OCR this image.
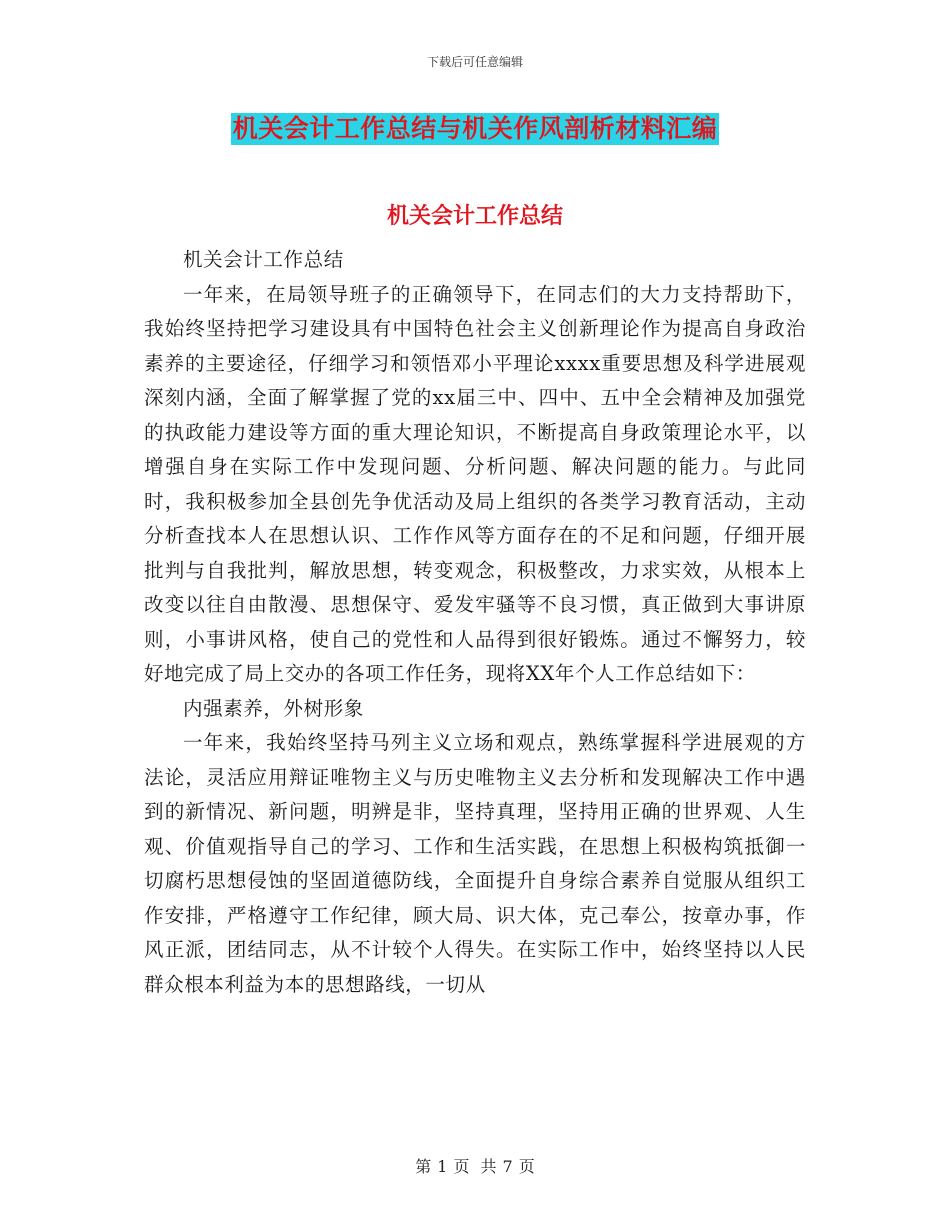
下载后可任意编辑
机关会计工作总结与机关作风剖析材料汇编
机关会计工作总结

机关会计工作总结

一年来，在局领导班子的正确领导下，在同志们的大力支持帮助下，我始终坚持把学习建设具有中国特色社会主义创新理论作为提高自身政治素养的主要途径，仔细学习和领悟邓小平理论xxxx重要思想及科学进展观深刻内涵，全面了解掌握了党的xx届三中、四中、五中全会精神及加强党的执政能力建设等方面的重大理论知识，不断提高自身政策理论水平，以增强自身在实际工作中发现问题、分析问题、解决问题的能力。与此同时，我积极参加全县创先争优活动及局上组织的各类学习教育活动，主动分析查找本人在思想认识、工作作风等方面存在的不足和问题，仔细开展批判与自我批判，解放思想，转变观念，积极整改，力求实效，从根本上改变以往自由散漫、思想保守、爱发牢骚等不良习惯，真正做到大事讲原则，小事讲风格，使自己的党性和人品得到很好锻炼。通过不懈努力，较好地完成了局上交办的各项工作任务，现将XX年个人工作总结如下：

内强素养，外树形象

一年来，我始终坚持马列主义立场和观点，熟练掌握科学进展观的方法论，灵活应用辩证唯物主义与历史唯物主义去分析和发现解决工作中遇到的新情况、新问题，明辨是非，坚持真理，坚持用正确的世界观、人生观、价值观指导自己的学习、工作和生活实践，在思想上积极构筑抵御一切腐朽思想侵蚀的坚固道德防线，全面提升自身综合素养自觉服从组织工作安排，严格遵守工作纪律，顾大局、识大体，克己奉公，按章办事，作风正派，团结同志，从不计较个人得失。在实际工作中，始终坚持以人民群众根本利益为本的思想路线，一切从

第 1 页 共 7 页
